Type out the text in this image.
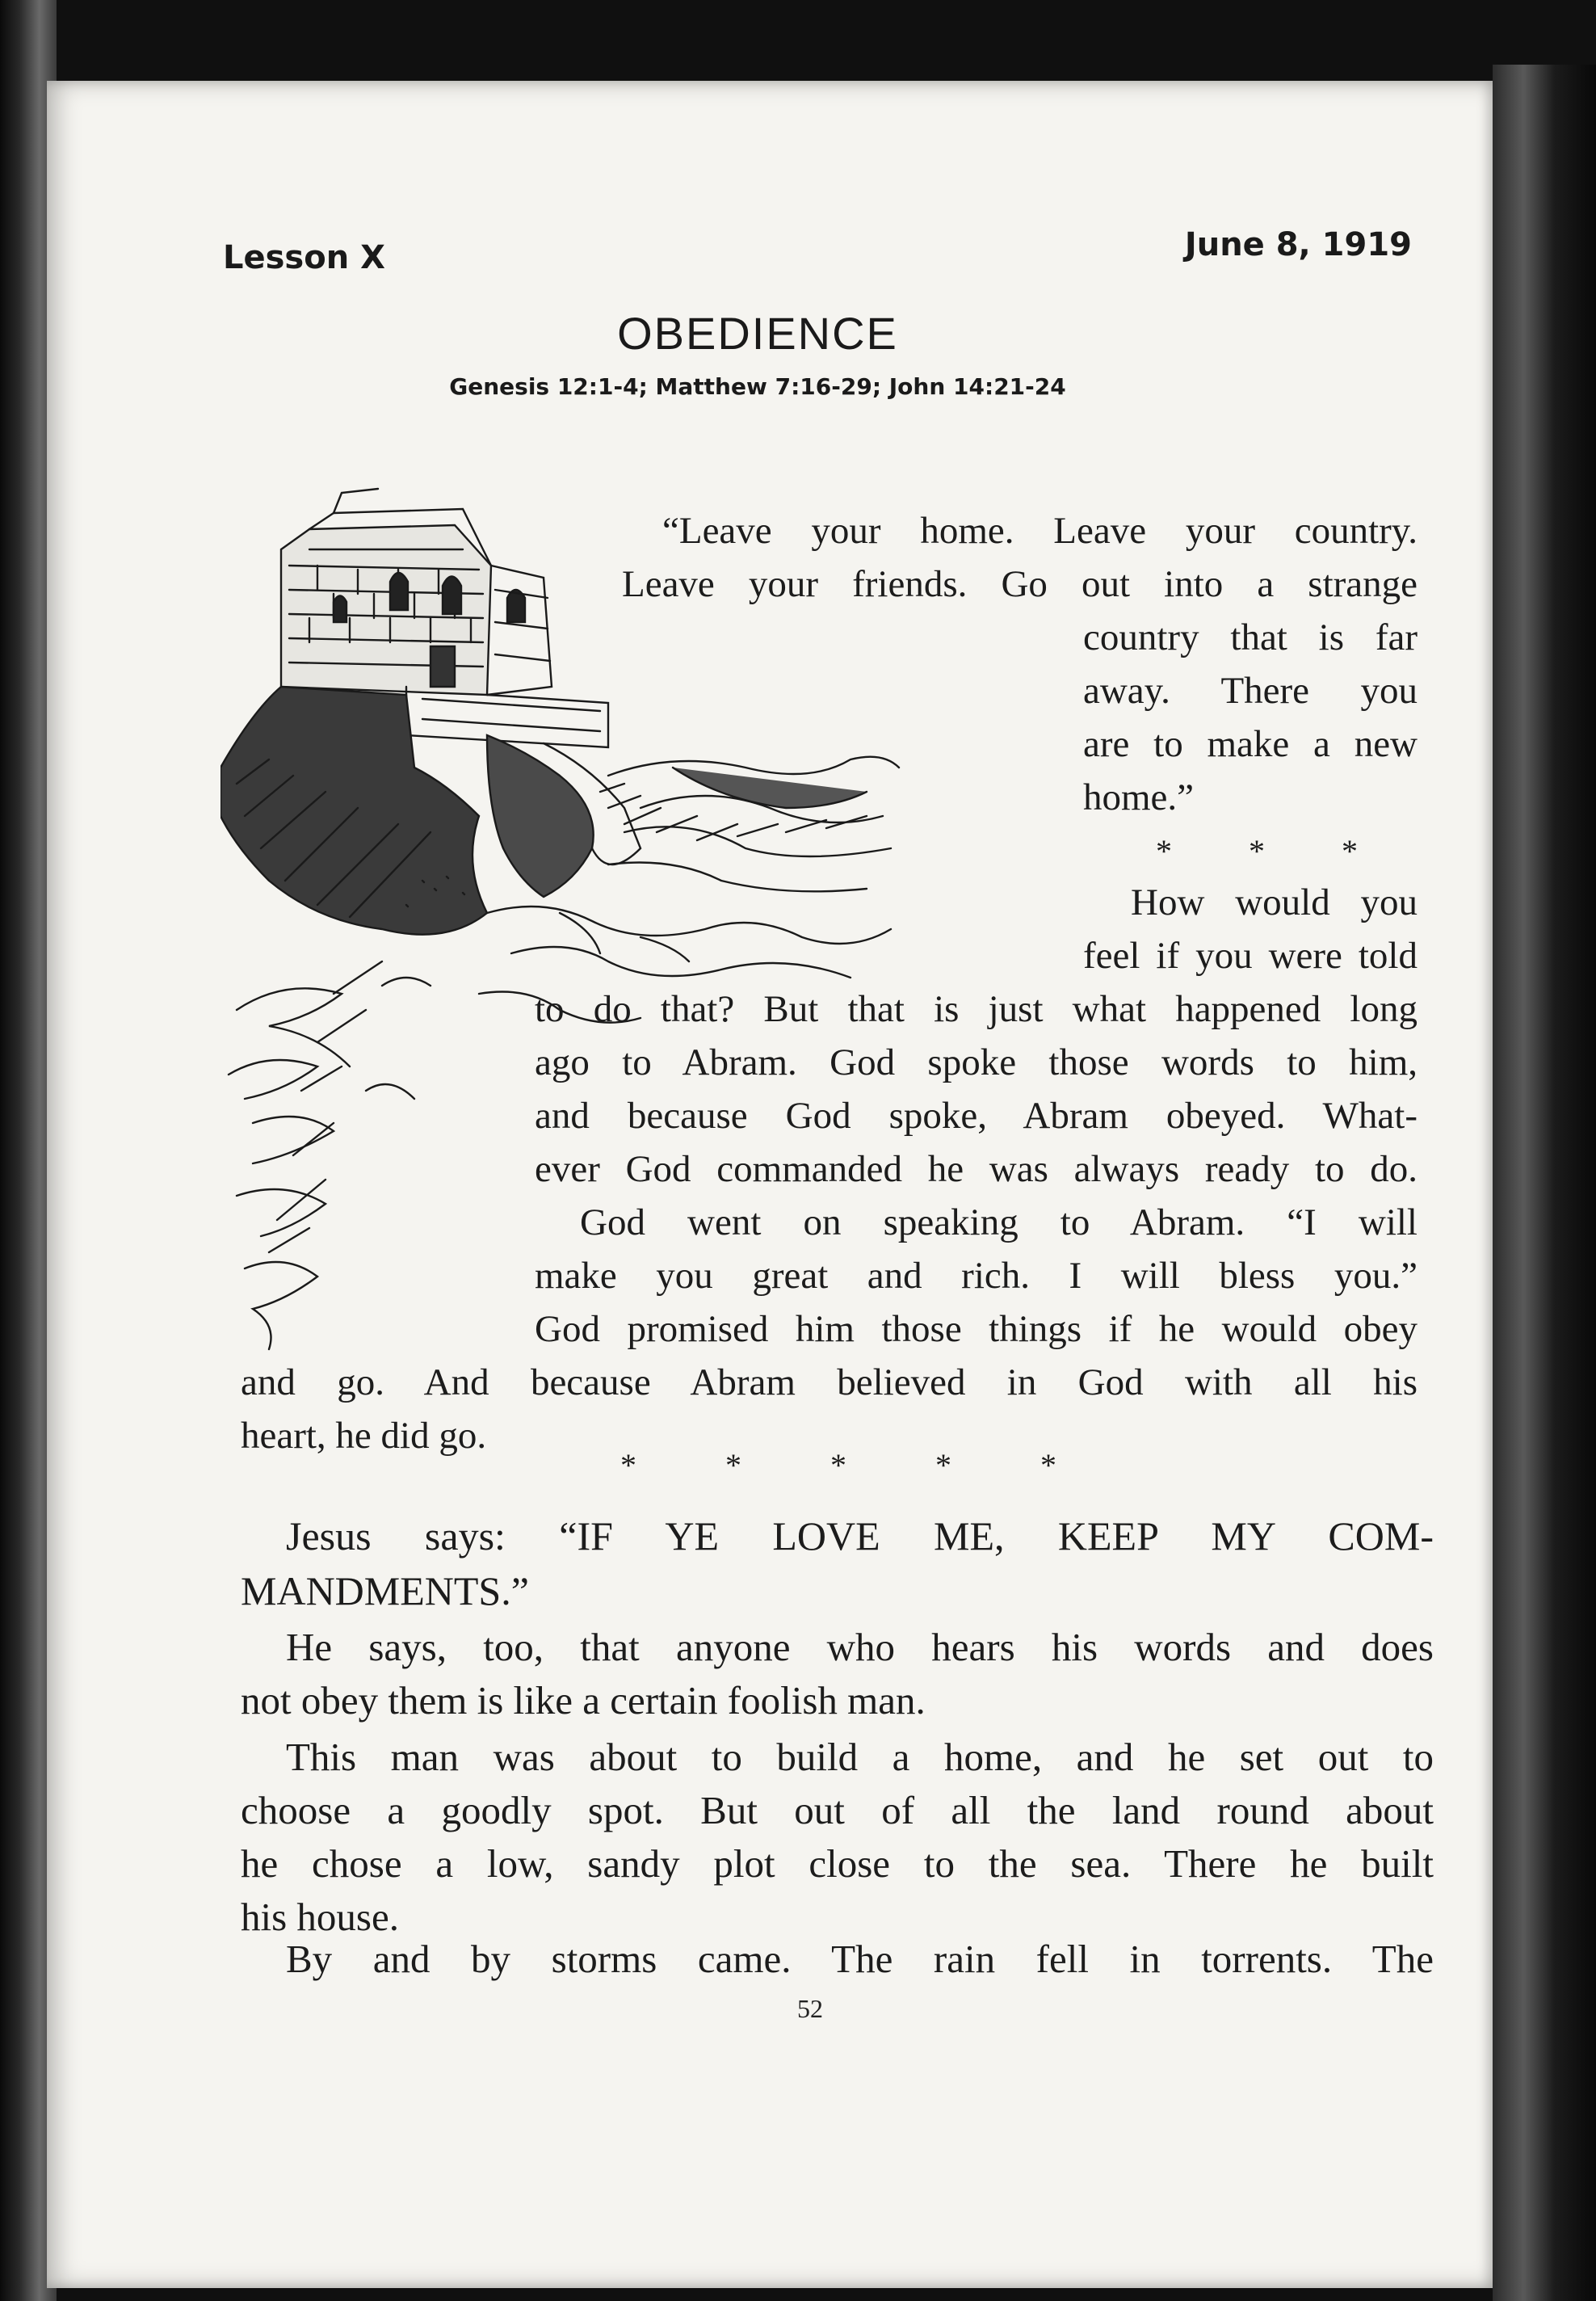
Lesson X	June 8, 1919
OBEDIENCE
Genesis 12:1-4; Matthew 7:16-29; John 14:21-24
“Leave your home. Leave your country.
Leave your friends. Go out into a strange
country that is far
away. There you
are to make a new
home.”
* * *
How would you
feel if you were told
to do that? But that is just what happened long
ago to Abram. God spoke those words to him,
and because God spoke, Abram obeyed. What-
ever God commanded he was always ready to do.
God went on speaking to Abram. “I will
make you great and rich. I will bless you.”
God promised him those things if he would obey
and go. And because Abram believed in God with all his
heart, he did go.
*	*	*	*	*
Jesus says: “IF YE LOVE ME, KEEP MY COM-
MANDMENTS.”
He says, too, that anyone who hears his words and does
not obey them is like a certain foolish man.
This man was about to build a home, and he set out to
choose a goodly spot. But out of all the land round about
he chose a low, sandy plot close to the sea. There he built
his house.
By and by storms came. The rain fell in torrents. The
52
